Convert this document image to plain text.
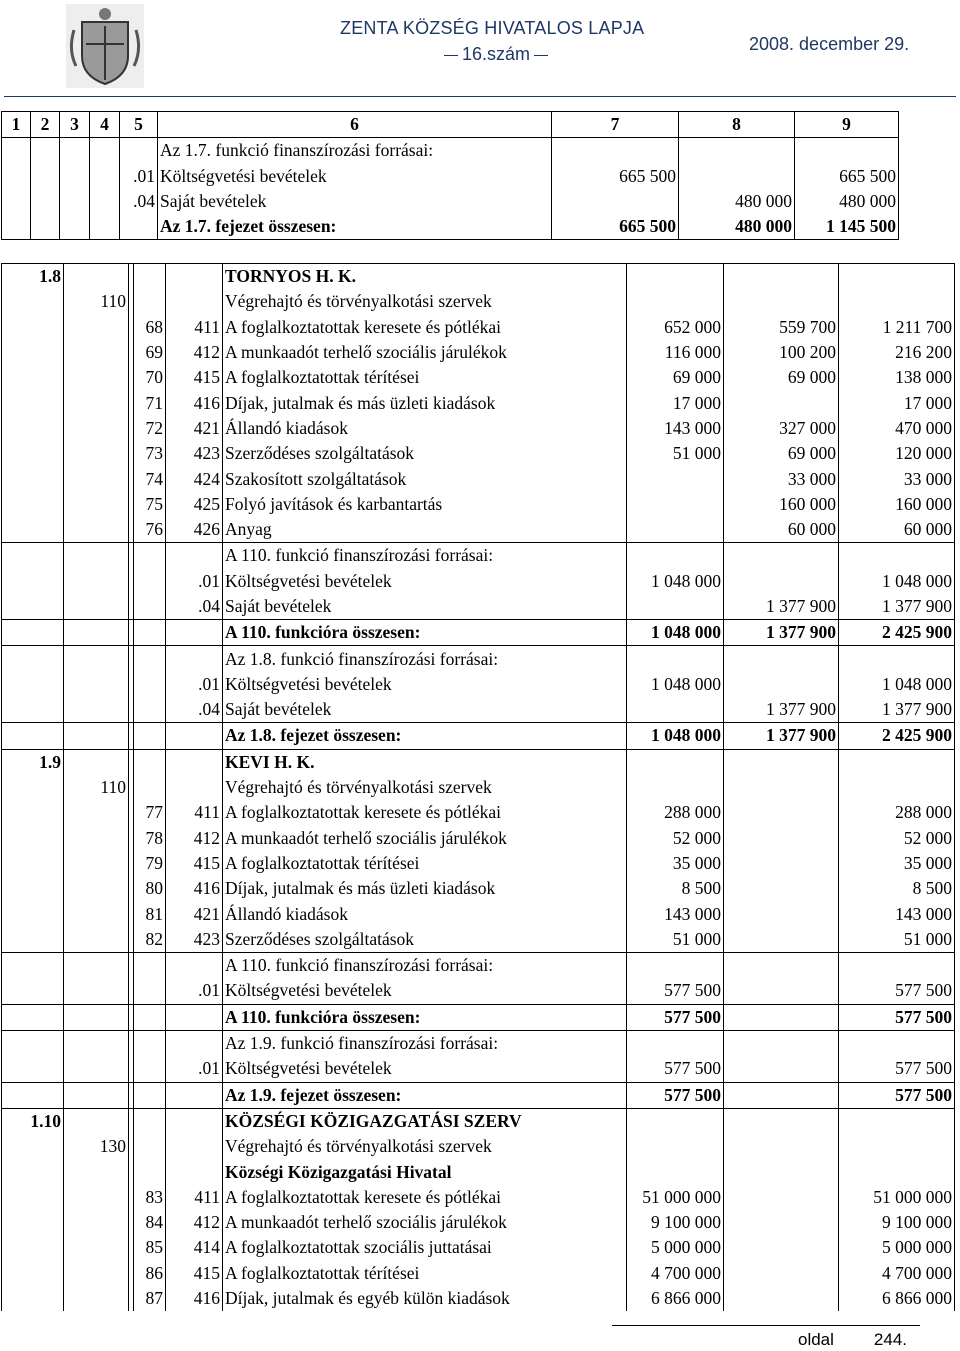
ZENTA KÖZSÉG HIVATALOS LAPJA
16.szám	2008. december 29.
1	2	3	4	5	6	7	8	9
					Az 1.7. funkció finanszírozási forrásai:			
				.01	Költségvetési bevételek	665 500		665 500
				.04	Saját bevételek		480 000	480 000
					Az 1.7. fejezet összesen:	665 500	480 000	1 145 500
1.8					TORNYOS H. K.			
	110				Végrehajtó és törvényalkotási szervek			
			68	411	A foglalkoztatottak keresete és pótlékai	652 000	559 700	1 211 700
			69	412	A munkaadót terhelő szociális járulékok	116 000	100 200	216 200
			70	415	A foglalkoztatottak térítései	69 000	69 000	138 000
			71	416	Díjak, jutalmak és más üzleti kiadások	17 000		17 000
			72	421	Állandó kiadások	143 000	327 000	470 000
			73	423	Szerződéses szolgáltatások	51 000	69 000	120 000
			74	424	Szakosított szolgáltatások		33 000	33 000
			75	425	Folyó javítások és karbantartás		160 000	160 000
			76	426	Anyag		60 000	60 000
					A 110. funkció finanszírozási forrásai:			
				.01	Költségvetési bevételek	1 048 000		1 048 000
				.04	Saját bevételek		1 377 900	1 377 900
					A 110. funkcióra összesen:	1 048 000	1 377 900	2 425 900
					Az 1.8. funkció finanszírozási forrásai:			
				.01	Költségvetési bevételek	1 048 000		1 048 000
				.04	Saját bevételek		1 377 900	1 377 900
					Az 1.8. fejezet összesen:	1 048 000	1 377 900	2 425 900
1.9					KEVI H. K.			
	110				Végrehajtó és törvényalkotási szervek			
			77	411	A foglalkoztatottak keresete és pótlékai	288 000		288 000
			78	412	A munkaadót terhelő szociális járulékok	52 000		52 000
			79	415	A foglalkoztatottak térítései	35 000		35 000
			80	416	Díjak, jutalmak és más üzleti kiadások	8 500		8 500
			81	421	Állandó kiadások	143 000		143 000
			82	423	Szerződéses szolgáltatások	51 000		51 000
					A 110. funkció finanszírozási forrásai:			
				.01	Költségvetési bevételek	577 500		577 500
					A 110. funkcióra összesen:	577 500		577 500
					Az 1.9. funkció finanszírozási forrásai:			
				.01	Költségvetési bevételek	577 500		577 500
					Az 1.9. fejezet összesen:	577 500		577 500
1.10					KÖZSÉGI KÖZIGAZGATÁSI SZERV			
	130				Végrehajtó és törvényalkotási szervek			
					Községi Közigazgatási Hivatal			
			83	411	A foglalkoztatottak keresete és pótlékai	51 000 000		51 000 000
			84	412	A munkaadót terhelő szociális járulékok	9 100 000		9 100 000
			85	414	A foglalkoztatottak szociális juttatásai	5 000 000		5 000 000
			86	415	A foglalkoztatottak térítései	4 700 000		4 700 000
			87	416	Díjak, jutalmak és egyéb külön kiadások	6 866 000		6 866 000
oldal 244.
